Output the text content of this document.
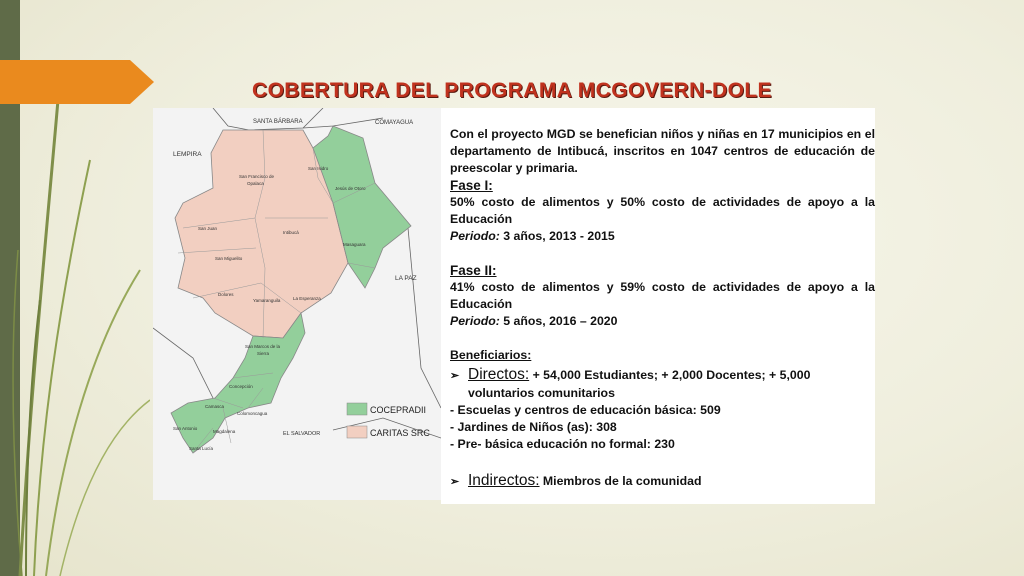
COBERTURA DEL PROGRAMA MCGOVERN-DOLE
SANTA BÁRBARA	COMAYAGUA
LEMPIRA
LA PAZ
EL SALVADOR
San Francisco de
Opalaca
San Isidro
Jesús de Otoro
San Juan
Intibucá
Masaguara
San Miguelito
Dolores
Yamaranguila	La Esperanza
San Marcos de la
Sierra
Concepción
Camasca
Colomoncagua
San Antonio
Magdalena
Santa Lucía
COCEPRADII
CARITAS SRC

Con el proyecto MGD se benefician niños y niñas en 17 municipios en el departamento de Intibucá, inscritos en 1047 centros de educación de preescolar y primaria.

Fase I:

50% costo de alimentos y 50% costo de actividades de apoyo a la Educación

Periodo: 3 años, 2013 - 2015

Fase II:

41% costo de alimentos y 59% costo de actividades de apoyo a la Educación

Periodo: 5 años, 2016 – 2020

Beneficiarios:

➢ Directos: + 54,000 Estudiantes; + 2,000 Docentes; + 5,000

voluntarios comunitarios

- Escuelas y centros de educación básica: 509

- Jardines de Niños (as): 308

- Pre- básica educación no formal: 230

➢ Indirectos: Miembros de la comunidad
